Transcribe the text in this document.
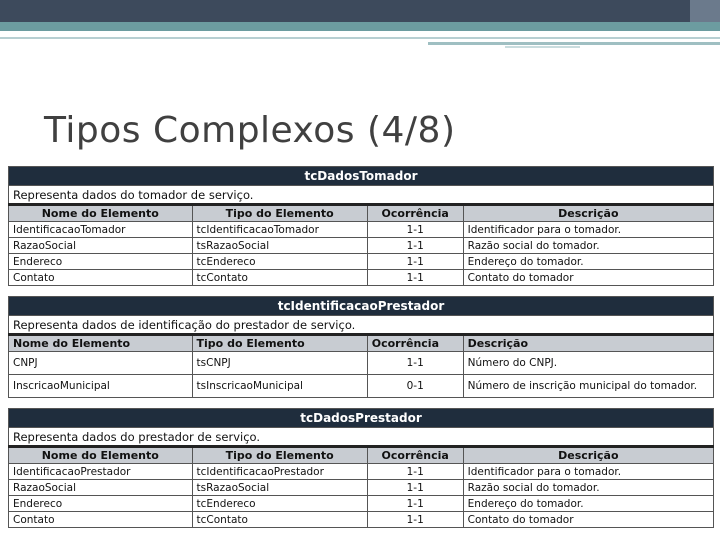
Tipos Complexos (4/8)
tcDadosTomador			
Representa dados do tomador de serviço.			
Nome do Elemento	Tipo do Elemento	Ocorrência	Descrição
IdentificacaoTomador	tcIdentificacaoTomador	1-1	Identificador para o tomador.
RazaoSocial	tsRazaoSocial	1-1	Razão social do tomador.
Endereco	tcEndereco	1-1	Endereço do tomador.
Contato	tcContato	1-1	Contato do tomador
tcIdentificacaoPrestador			
Representa dados de identificação do prestador de serviço.			
Nome do Elemento	Tipo do Elemento	Ocorrência	Descrição
CNPJ	tsCNPJ	1-1	Número do CNPJ.
InscricaoMunicipal	tsInscricaoMunicipal	0-1	Número de inscrição municipal do tomador.
tcDadosPrestador			
Representa dados do prestador de serviço.			
Nome do Elemento	Tipo do Elemento	Ocorrência	Descrição
IdentificacaoPrestador	tcIdentificacaoPrestador	1-1	Identificador para o tomador.
RazaoSocial	tsRazaoSocial	1-1	Razão social do tomador.
Endereco	tcEndereco	1-1	Endereço do tomador.
Contato	tcContato	1-1	Contato do tomador
